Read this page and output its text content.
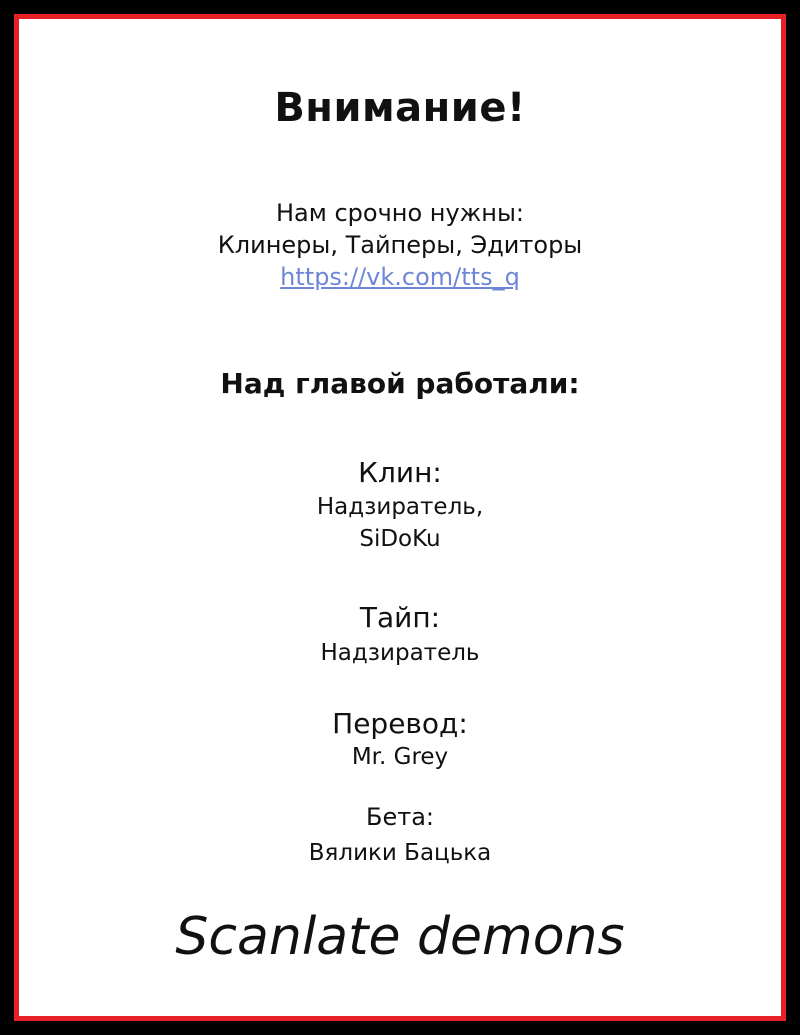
Внимание!
Нам срочно нужны:
Клинеры, Тайперы, Эдиторы
https://vk.com/tts_q
Над главой работали:
Клин:
Надзиратель,
SiDoKu
Тайп:
Надзиратель
Перевод:
Mr. Grey
Бета:
Вялики Бацька
Scanlate demons
